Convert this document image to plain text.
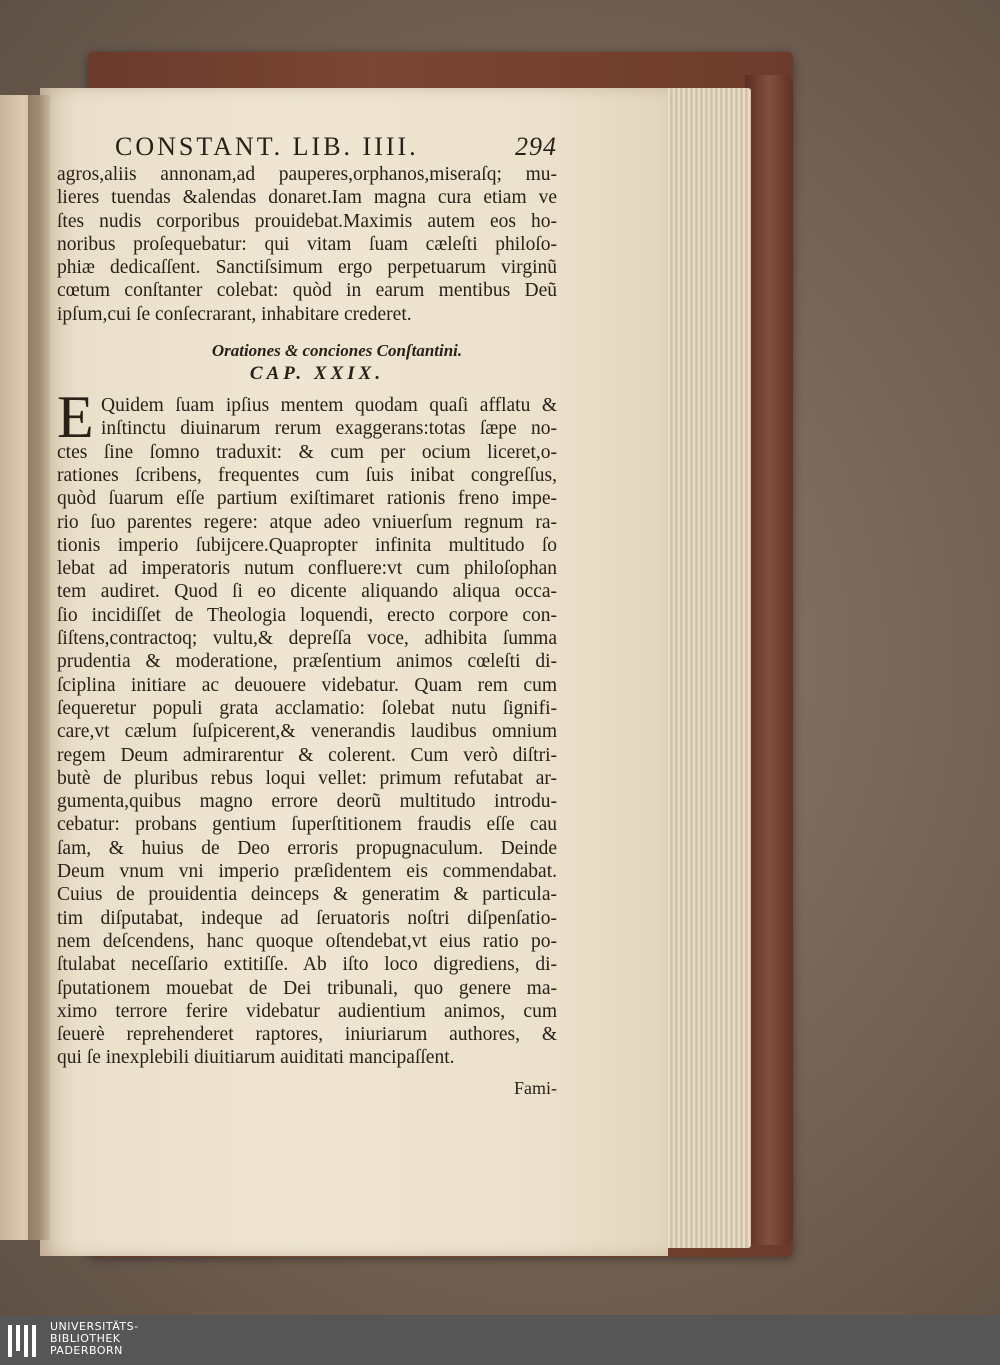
CONSTANT. LIB. IIII.	294
agros,aliis annonam,ad pauperes,orphanos,miseraſq; mu-
lieres tuendas &alendas donaret.Iam magna cura etiam ve
ſtes nudis corporibus prouidebat.Maximis autem eos ho-
noribus proſequebatur: qui vitam ſuam cæleſti philoſo-
phiæ dedicaſſent. Sanctiſsimum ergo perpetuarum virginũ
cœtum conſtanter colebat: quòd in earum mentibus Deũ
ipſum,cui ſe conſecrarant, inhabitare crederet.
Orationes & conciones Conſtantini.
CAP. XXIX.
E Quidem ſuam ipſius mentem quodam quaſi afflatu &
inſtinctu diuinarum rerum exaggerans:totas ſæpe no-
ctes ſine ſomno traduxit: & cum per ocium liceret,o-
rationes ſcribens, frequentes cum ſuis inibat congreſſus,
quòd ſuarum eſſe partium exiſtimaret rationis freno impe-
rio ſuo parentes regere: atque adeo vniuerſum regnum ra-
tionis imperio ſubijcere.Quapropter infinita multitudo ſo
lebat ad imperatoris nutum confluere:vt cum philoſophan
tem audiret. Quod ſi eo dicente aliquando aliqua occa-
ſio incidiſſet de Theologia loquendi, erecto corpore con-
ſiſtens,contractoq; vultu,& depreſſa voce, adhibita ſumma
prudentia & moderatione, præſentium animos cœleſti di-
ſciplina initiare ac deuouere videbatur. Quam rem cum
ſequeretur populi grata acclamatio: ſolebat nutu ſignifi-
care,vt cælum ſuſpicerent,& venerandis laudibus omnium
regem Deum admirarentur & colerent. Cum verò diſtri-
butè de pluribus rebus loqui vellet: primum refutabat ar-
gumenta,quibus magno errore deorũ multitudo introdu-
cebatur: probans gentium ſuperſtitionem fraudis eſſe cau
ſam, & huius de Deo erroris propugnaculum. Deinde
Deum vnum vni imperio præſidentem eis commendabat.
Cuius de prouidentia deinceps & generatim & particula-
tim diſputabat, indeque ad ſeruatoris noſtri diſpenſatio-
nem deſcendens, hanc quoque oſtendebat,vt eius ratio po-
ſtulabat neceſſario extitiſſe. Ab iſto loco digrediens, di-
ſputationem mouebat de Dei tribunali, quo genere ma-
ximo terrore ferire videbatur audientium animos, cum
ſeuerè reprehenderet raptores, iniuriarum authores, &
qui ſe inexplebili diuitiarum auiditati mancipaſſent.
Fami-
UNIVERSITÄTS-
BIBLIOTHEK
PADERBORN
